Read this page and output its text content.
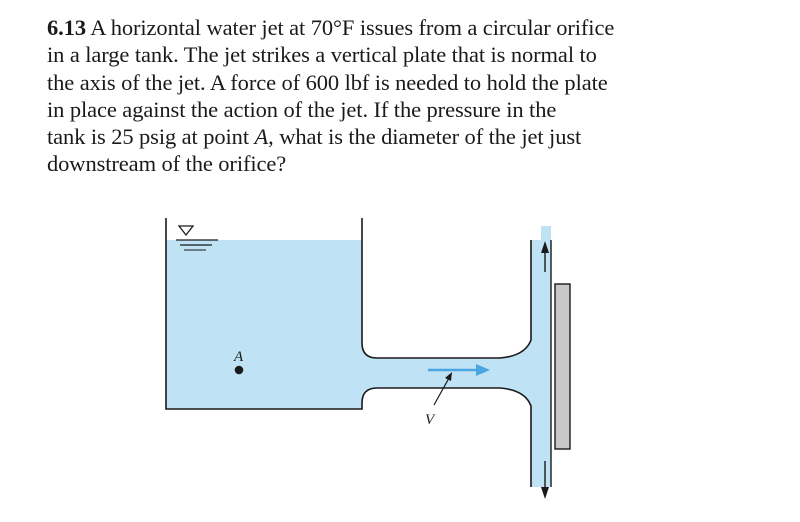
6.13 A horizontal water jet at 70°F issues from a circular orifice
in a large tank. The jet strikes a vertical plate that is normal to
the axis of the jet. A force of 600 lbf is needed to hold the plate
in place against the action of the jet. If the pressure in the
tank is 25 psig at point A, what is the diameter of the jet just
downstream of the orifice?
A
V
